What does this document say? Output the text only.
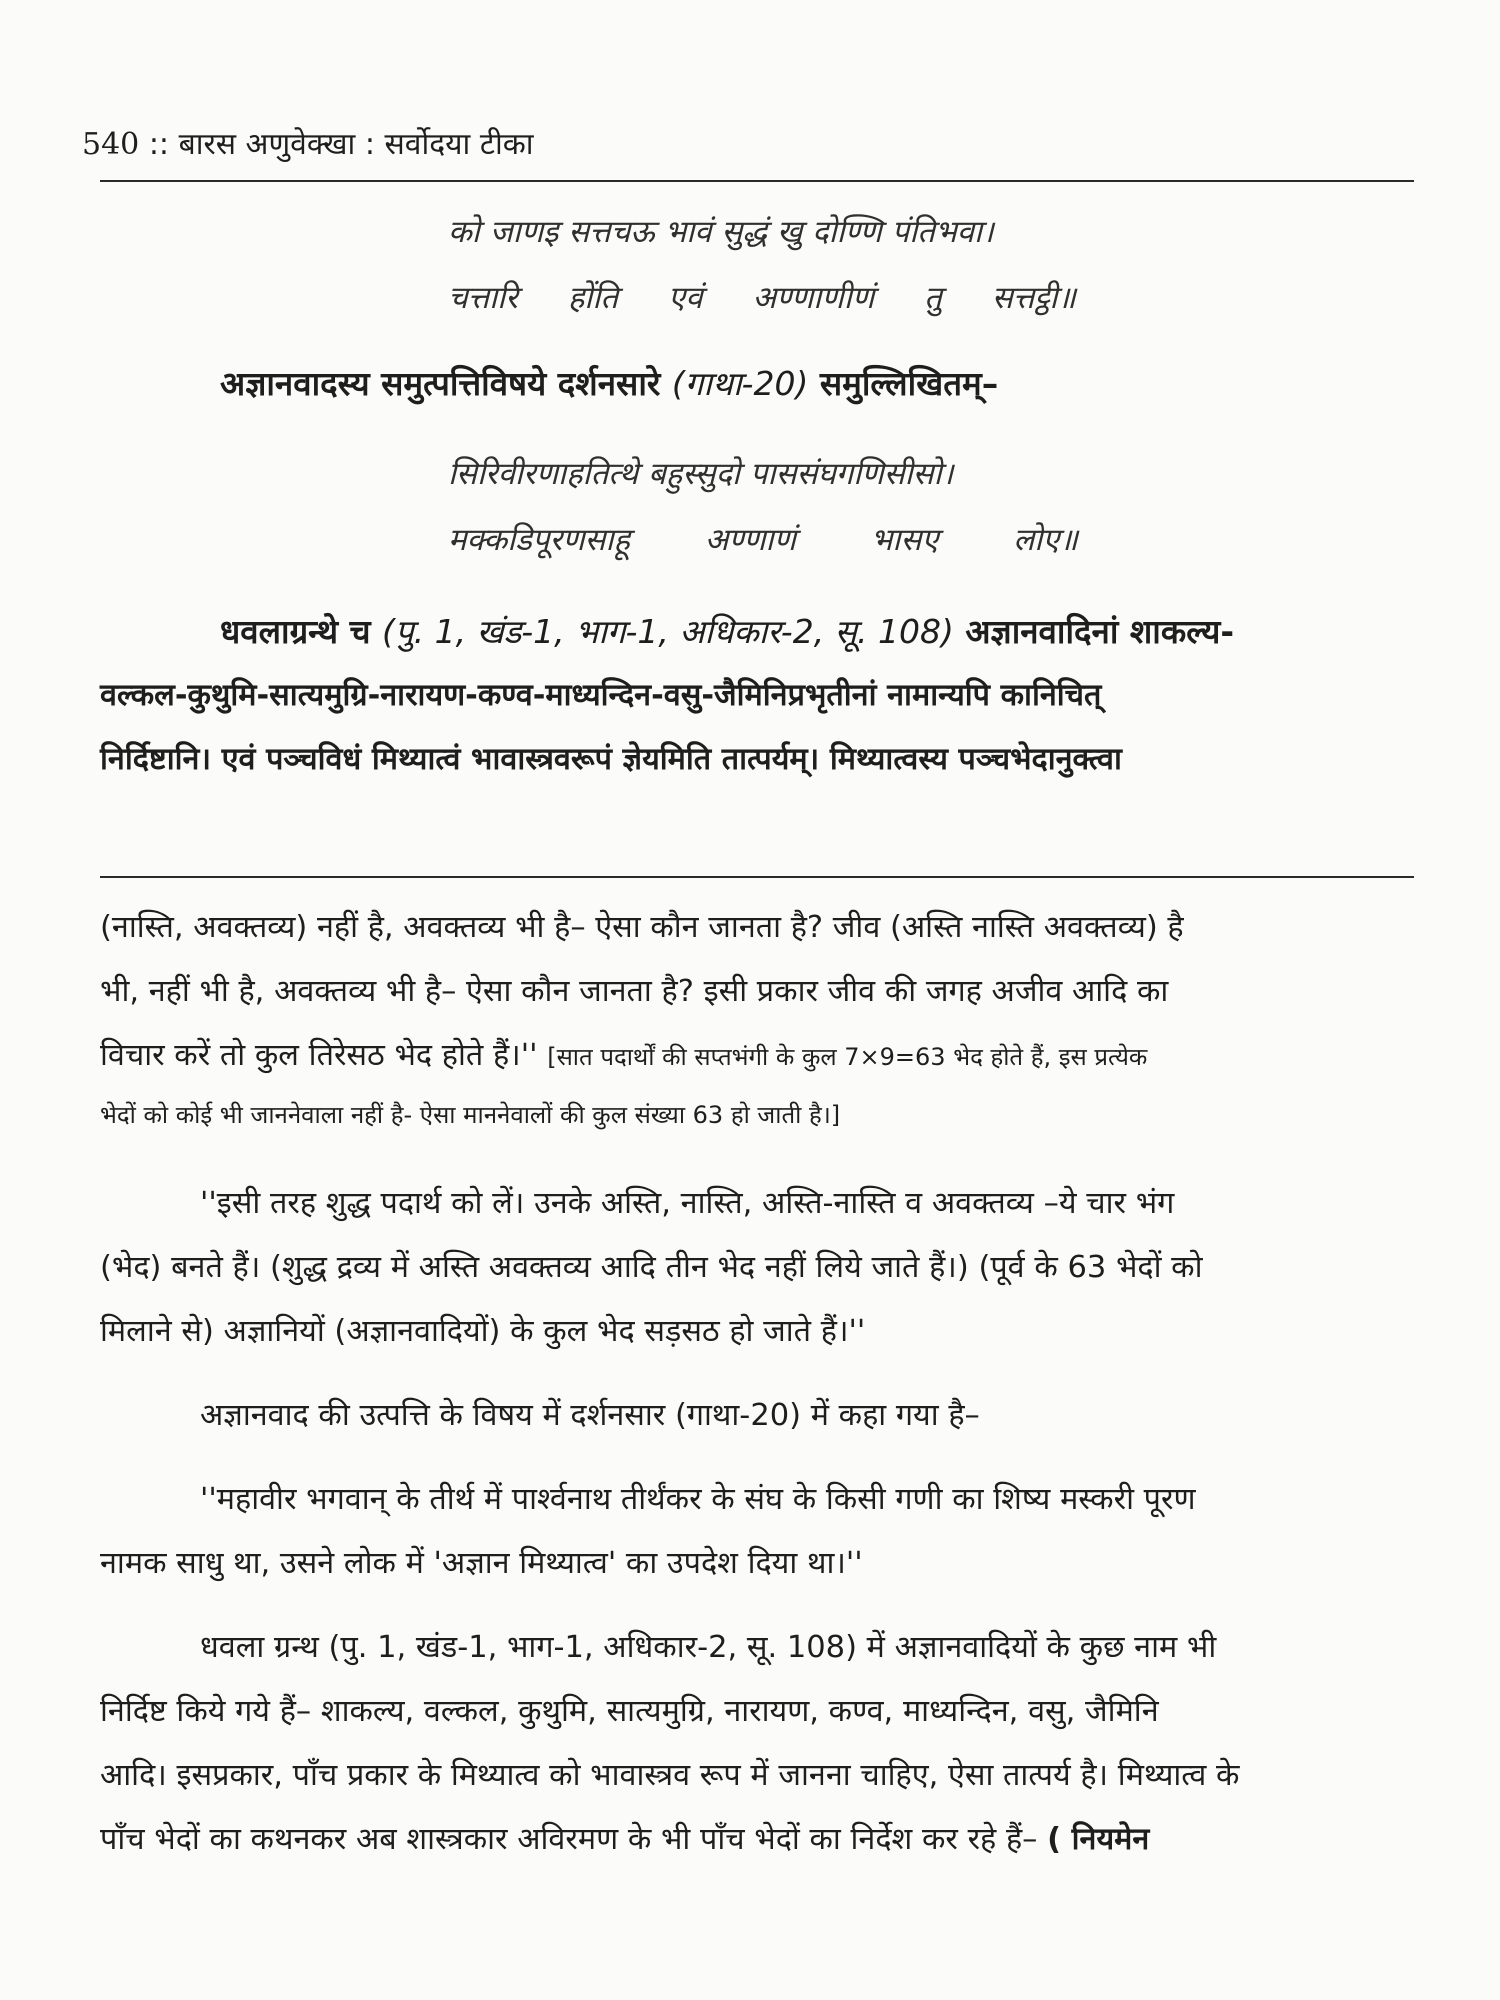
540 :: बारस अणुवेक्खा : सर्वोदया टीका
को जाणइ सत्तचऊ भावं सुद्धं खु दोण्णि पंतिभवा।
चत्तारि होंति एवं अण्णाणीणं तु सत्तट्ठी॥
अज्ञानवादस्य समुत्पत्तिविषये दर्शनसारे (गाथा-20) समुल्लिखितम्–
सिरिवीरणाहतित्थे बहुस्सुदो पाससंघगणिसीसो।
मक्कडिपूरणसाहू अण्णाणं भासए लोए॥
धवलाग्रन्थे च (पु. 1, खंड-1, भाग-1, अधिकार-2, सू. 108) अज्ञानवादिनां शाकल्य-
वल्कल-कुथुमि-सात्यमुग्रि-नारायण-कण्व-माध्यन्दिन-वसु-जैमिनिप्रभृतीनां नामान्यपि कानिचित्
निर्दिष्टानि। एवं पञ्चविधं मिथ्यात्वं भावास्त्रवरूपं ज्ञेयमिति तात्पर्यम्। मिथ्यात्वस्य पञ्चभेदानुक्त्वा
(नास्ति, अवक्तव्य) नहीं है, अवक्तव्य भी है– ऐसा कौन जानता है? जीव (अस्ति नास्ति अवक्तव्य) है
भी, नहीं भी है, अवक्तव्य भी है– ऐसा कौन जानता है? इसी प्रकार जीव की जगह अजीव आदि का
विचार करें तो कुल तिरेसठ भेद होते हैं।'' [सात पदार्थों की सप्तभंगी के कुल 7×9=63 भेद होते हैं, इस प्रत्येक
भेदों को कोई भी जाननेवाला नहीं है- ऐसा माननेवालों की कुल संख्या 63 हो जाती है।]
''इसी तरह शुद्ध पदार्थ को लें। उनके अस्ति, नास्ति, अस्ति-नास्ति व अवक्तव्य –ये चार भंग
(भेद) बनते हैं। (शुद्ध द्रव्य में अस्ति अवक्तव्य आदि तीन भेद नहीं लिये जाते हैं।) (पूर्व के 63 भेदों को
मिलाने से) अज्ञानियों (अज्ञानवादियों) के कुल भेद सड़सठ हो जाते हैं।''
अज्ञानवाद की उत्पत्ति के विषय में दर्शनसार (गाथा-20) में कहा गया है–
''महावीर भगवान् के तीर्थ में पार्श्वनाथ तीर्थंकर के संघ के किसी गणी का शिष्य मस्करी पूरण
नामक साधु था, उसने लोक में 'अज्ञान मिथ्यात्व' का उपदेश दिया था।''
धवला ग्रन्थ (पु. 1, खंड-1, भाग-1, अधिकार-2, सू. 108) में अज्ञानवादियों के कुछ नाम भी
निर्दिष्ट किये गये हैं– शाकल्य, वल्कल, कुथुमि, सात्यमुग्रि, नारायण, कण्व, माध्यन्दिन, वसु, जैमिनि
आदि। इसप्रकार, पाँच प्रकार के मिथ्यात्व को भावास्त्रव रूप में जानना चाहिए, ऐसा तात्पर्य है। मिथ्यात्व के
पाँच भेदों का कथनकर अब शास्त्रकार अविरमण के भी पाँच भेदों का निर्देश कर रहे हैं– ( नियमेन
